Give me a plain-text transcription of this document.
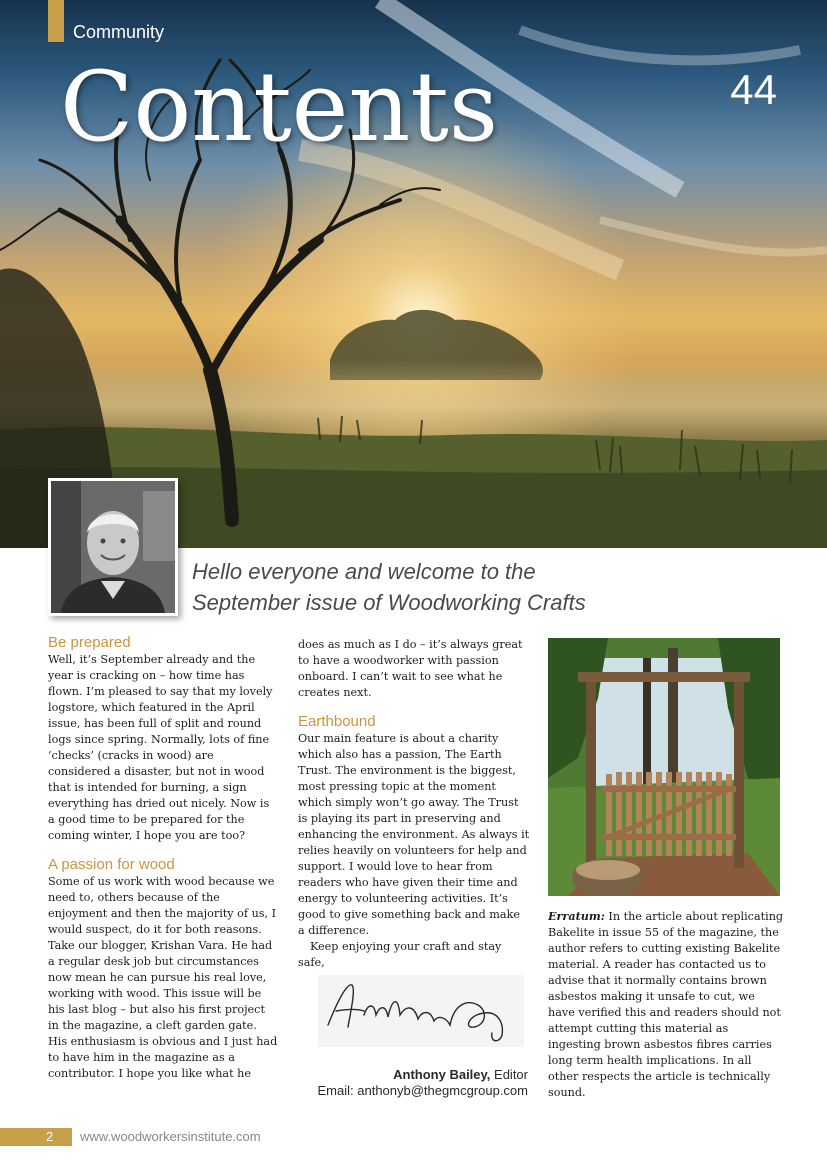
Community
Contents	44
Hello everyone and welcome to the
September issue of Woodworking Crafts

Be prepared

Well, it’s September already and the year is cracking on – how time has flown. I’m pleased to say that my lovely logstore, which featured in the April issue, has been full of split and round logs since spring. Normally, lots of fine ‘checks’ (cracks in wood) are considered a disaster, but not in wood that is intended for burning, a sign everything has dried out nicely. Now is a good time to be prepared for the coming winter, I hope you are too?

A passion for wood

Some of us work with wood because we need to, others because of the enjoyment and then the majority of us, I would suspect, do it for both reasons. Take our blogger, Krishan Vara. He had a regular desk job but circumstances now mean he can pursue his real love, working with wood. This issue will be his last blog – but also his first project in the magazine, a cleft garden gate. His enthusiasm is obvious and I just had to have him in the magazine as a contributor. I hope you like what he

does as much as I do – it’s always great to have a woodworker with passion onboard. I can’t wait to see what he creates next.

Earthbound

Our main feature is about a charity which also has a passion, The Earth Trust. The environment is the biggest, most pressing topic at the moment which simply won’t go away. The Trust is playing its part in preserving and enhancing the environment. As always it relies heavily on volunteers for help and support. I would love to hear from readers who have given their time and energy to volunteering activities. It’s good to give something back and make a difference.

Keep enjoying your craft and stay safe,

Anthony Bailey, Editor
Email: anthonyb@thegmcgroup.com

Erratum: In the article about replicating Bakelite in issue 55 of the magazine, the author refers to cutting existing Bakelite material. A reader has contacted us to advise that it normally contains brown asbestos making it unsafe to cut, we have verified this and readers should not attempt cutting this material as ingesting brown asbestos fibres carries long term health implications. In all other respects the article is technically sound.

2 www.woodworkersinstitute.com
